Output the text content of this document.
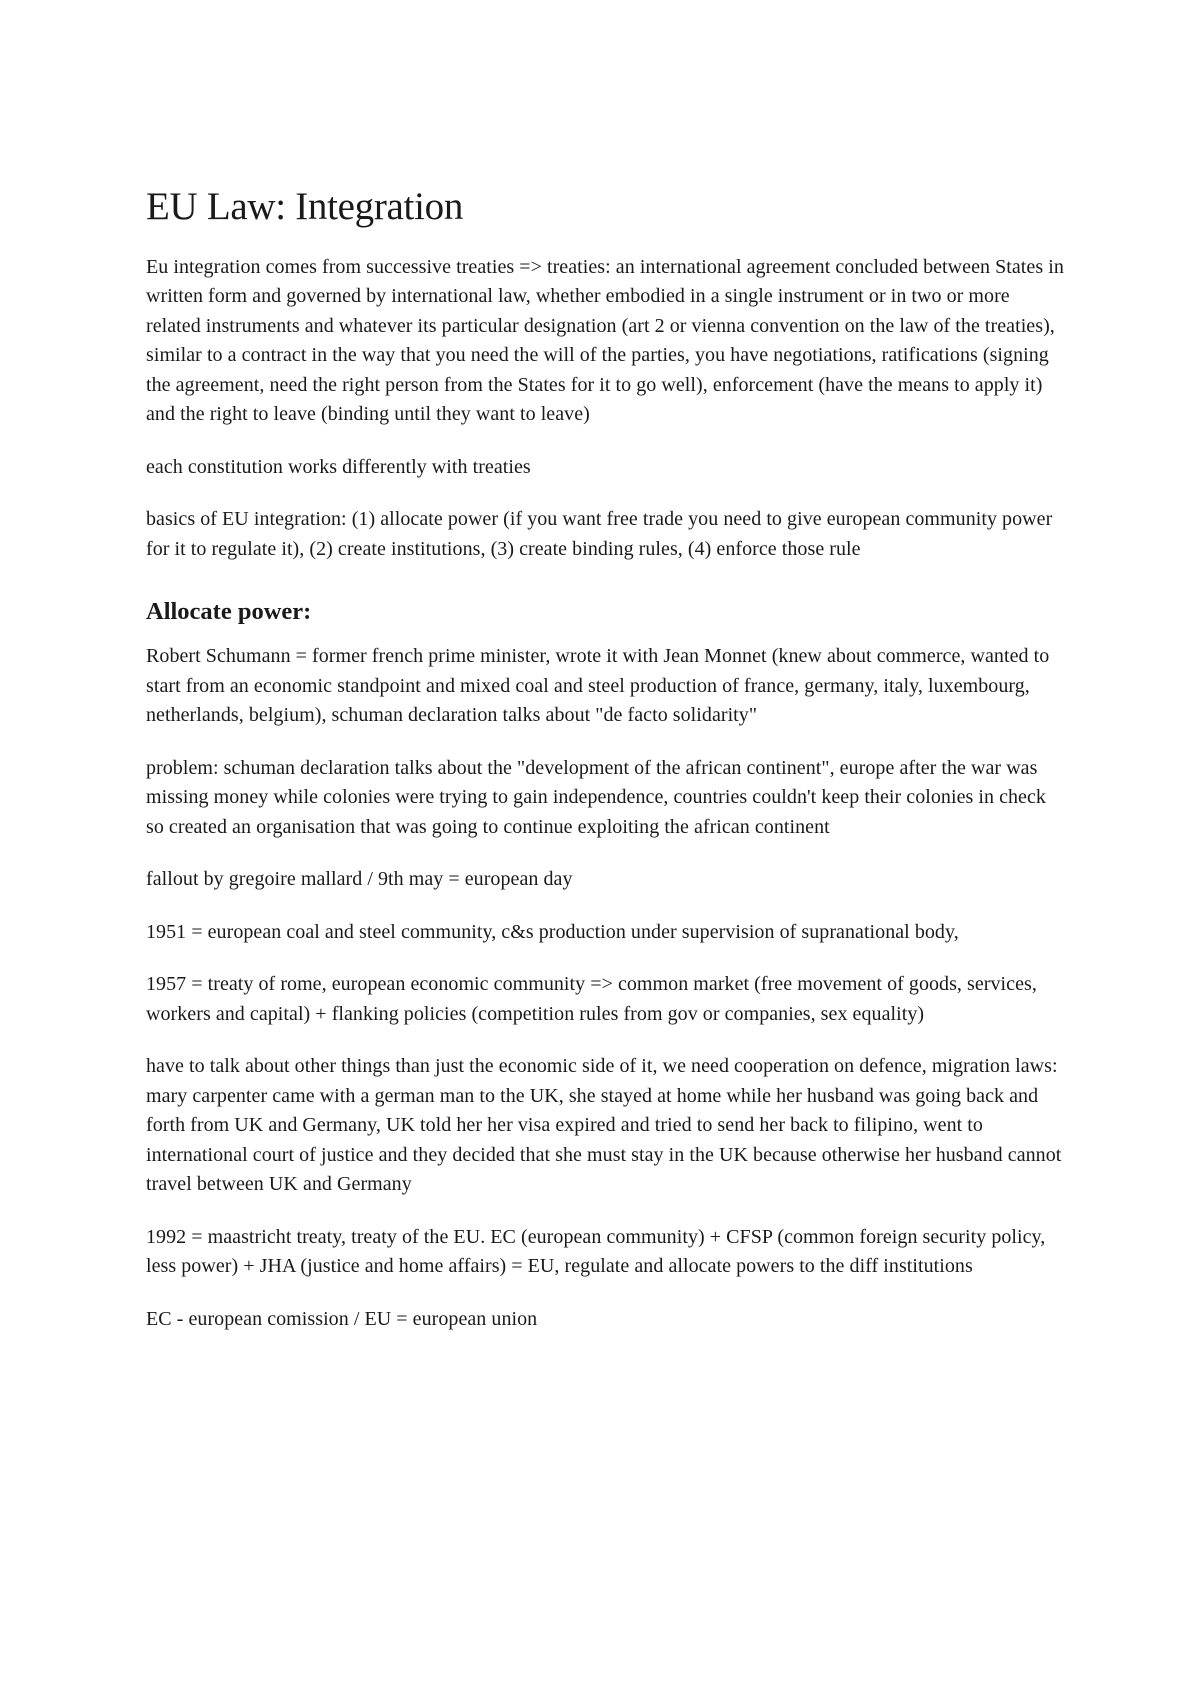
EU Law: Integration

Eu integration comes from successive treaties => treaties: an international agreement concluded between States in written form and governed by international law, whether embodied in a single instrument or in two or more related instruments and whatever its particular designation (art 2 or vienna convention on the law of the treaties), similar to a contract in the way that you need the will of the parties, you have negotiations, ratifications (signing the agreement, need the right person from the States for it to go well), enforcement (have the means to apply it) and the right to leave (binding until they want to leave)

each constitution works differently with treaties

basics of EU integration: (1) allocate power (if you want free trade you need to give european community power for it to regulate it), (2) create institutions, (3) create binding rules, (4) enforce those rule

Allocate power:

Robert Schumann = former french prime minister, wrote it with Jean Monnet (knew about commerce, wanted to start from an economic standpoint and mixed coal and steel production of france, germany, italy, luxembourg, netherlands, belgium), schuman declaration talks about "de facto solidarity"

problem: schuman declaration talks about the "development of the african continent", europe after the war was missing money while colonies were trying to gain independence, countries couldn't keep their colonies in check so created an organisation that was going to continue exploiting the african continent

fallout by gregoire mallard / 9th may = european day

1951 = european coal and steel community, c&s production under supervision of supranational body,

1957 = treaty of rome, european economic community => common market (free movement of goods, services, workers and capital) + flanking policies (competition rules from gov or companies, sex equality)

have to talk about other things than just the economic side of it, we need cooperation on defence, migration laws: mary carpenter came with a german man to the UK, she stayed at home while her husband was going back and forth from UK and Germany, UK told her her visa expired and tried to send her back to filipino, went to international court of justice and they decided that she must stay in the UK because otherwise her husband cannot travel between UK and Germany

1992 = maastricht treaty, treaty of the EU. EC (european community) + CFSP (common foreign security policy, less power) + JHA (justice and home affairs) = EU, regulate and allocate powers to the diff institutions

EC - european comission / EU = european union
